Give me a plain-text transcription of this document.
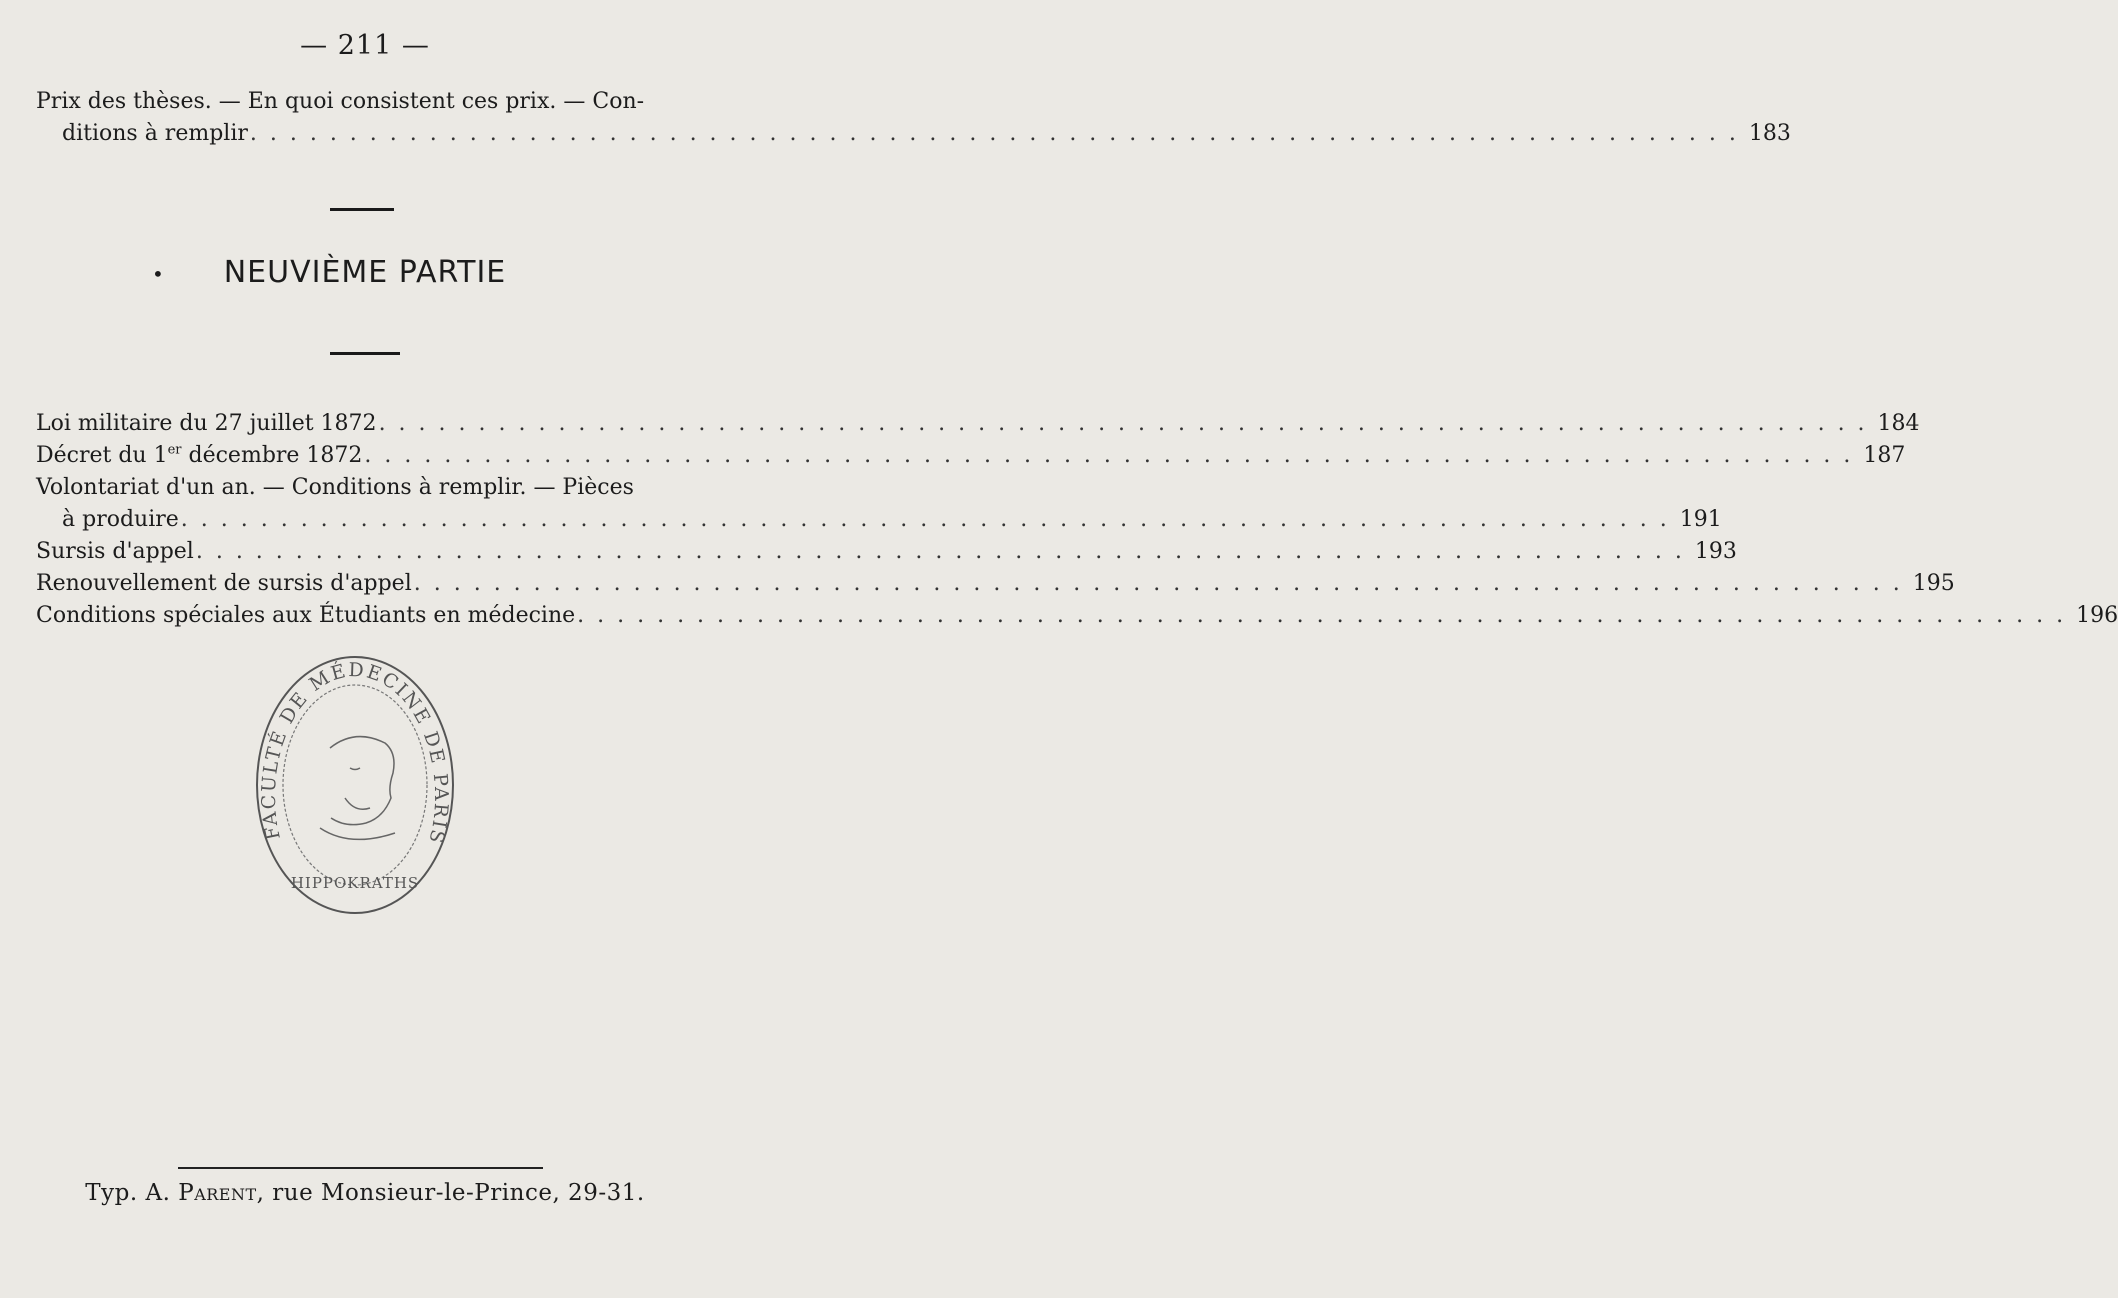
— 211 —
Prix des thèses. — En quoi consistent ces prix. — Con-
ditions à remplir . . . . . . . . . . . . . . . . . . . . . . . . . . . . . . . . . . . . . . . . . . . . . . . . . . . . . . . . . . . . . . . . . . . . . . . . . . . 183
•	NEUVIÈME PARTIE
Loi militaire du 27 juillet 1872 . . . . . . . . . . . . . . . . . . . . . . . . . . . . . . . . . . . . . . . . . . . . . . . . . . . . . . . . . . . . . . . . . . . . . . . . . . . 184
Décret du 1er décembre 1872 . . . . . . . . . . . . . . . . . . . . . . . . . . . . . . . . . . . . . . . . . . . . . . . . . . . . . . . . . . . . . . . . . . . . . . . . . . . 187
Volontariat d'un an. — Conditions à remplir. — Pièces
à produire . . . . . . . . . . . . . . . . . . . . . . . . . . . . . . . . . . . . . . . . . . . . . . . . . . . . . . . . . . . . . . . . . . . . . . . . . . . 191
Sursis d'appel . . . . . . . . . . . . . . . . . . . . . . . . . . . . . . . . . . . . . . . . . . . . . . . . . . . . . . . . . . . . . . . . . . . . . . . . . . . 193
Renouvellement de sursis d'appel . . . . . . . . . . . . . . . . . . . . . . . . . . . . . . . . . . . . . . . . . . . . . . . . . . . . . . . . . . . . . . . . . . . . . . . . . . . 195
Conditions spéciales aux Étudiants en médecine . . . . . . . . . . . . . . . . . . . . . . . . . . . . . . . . . . . . . . . . . . . . . . . . . . . . . . . . . . . . . . . . . . . . . . . . . . . 196
FACULTÉ DE MÉDECINE DE PARIS
HIPPOKRATHS
Typ. A. Parent, rue Monsieur-le-Prince, 29-31.
